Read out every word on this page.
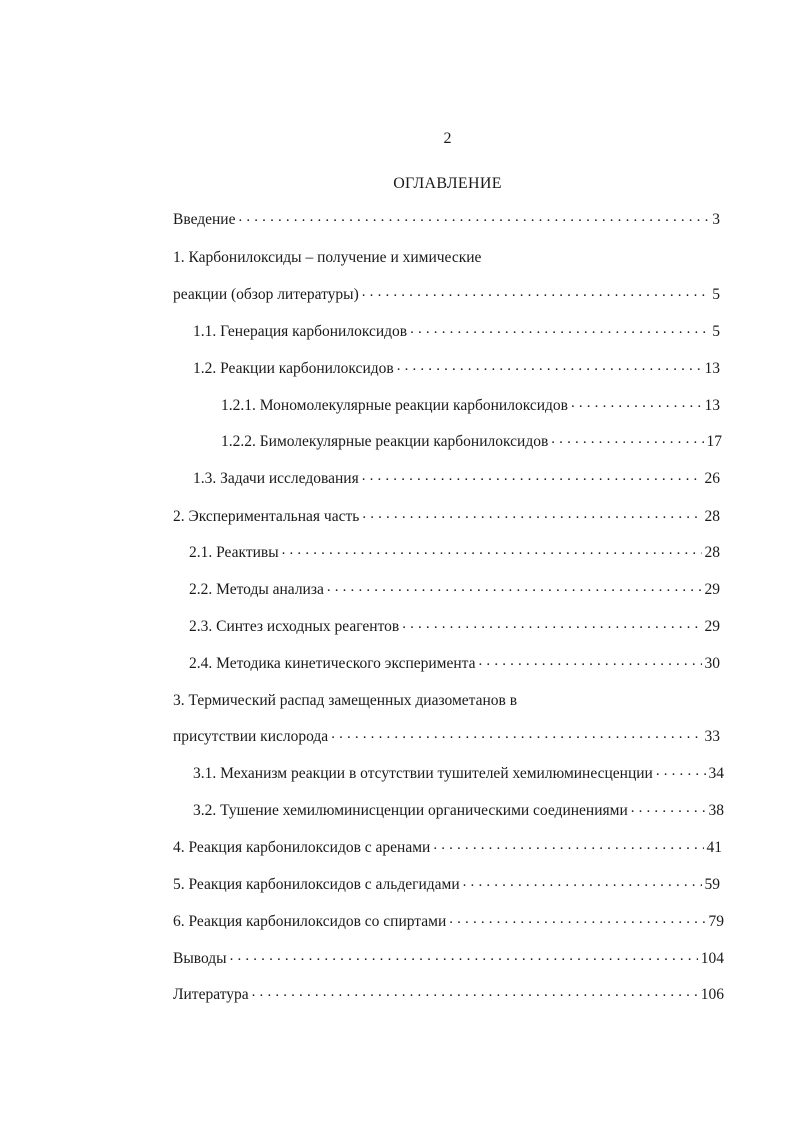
2
ОГЛАВЛЕНИЕ
Введение . . .	3
1. Карбонилоксиды – получение и химические
реакции (обзор литературы) . . .	5
1.1. Генерация карбонилоксидов . . .	5
1.2. Реакции карбонилоксидов . . .	13
1.2.1. Мономолекулярные реакции карбонилоксидов . . .	13
1.2.2. Бимолекулярные реакции карбонилоксидов . . .	17
1.3. Задачи исследования . . .	26
2. Экспериментальная часть . . .	28
2.1. Реактивы . . .	28
2.2. Методы анализа . . .	29
2.3. Синтез исходных реагентов . . .	29
2.4. Методика кинетического эксперимента . . .	30
3. Термический распад замещенных диазометанов в
присутствии кислорода . . .	33
3.1. Механизм реакции в отсутствии тушителей хемилюминесценции . . .	34
3.2. Тушение хемилюминисценции органическими соединениями . . .	38
4. Реакция карбонилоксидов с аренами . . .	41
5. Реакция карбонилоксидов с альдегидами . . .	59
6. Реакция карбонилоксидов со спиртами . . .	79
Выводы . . .	104
Литература . . .	106
